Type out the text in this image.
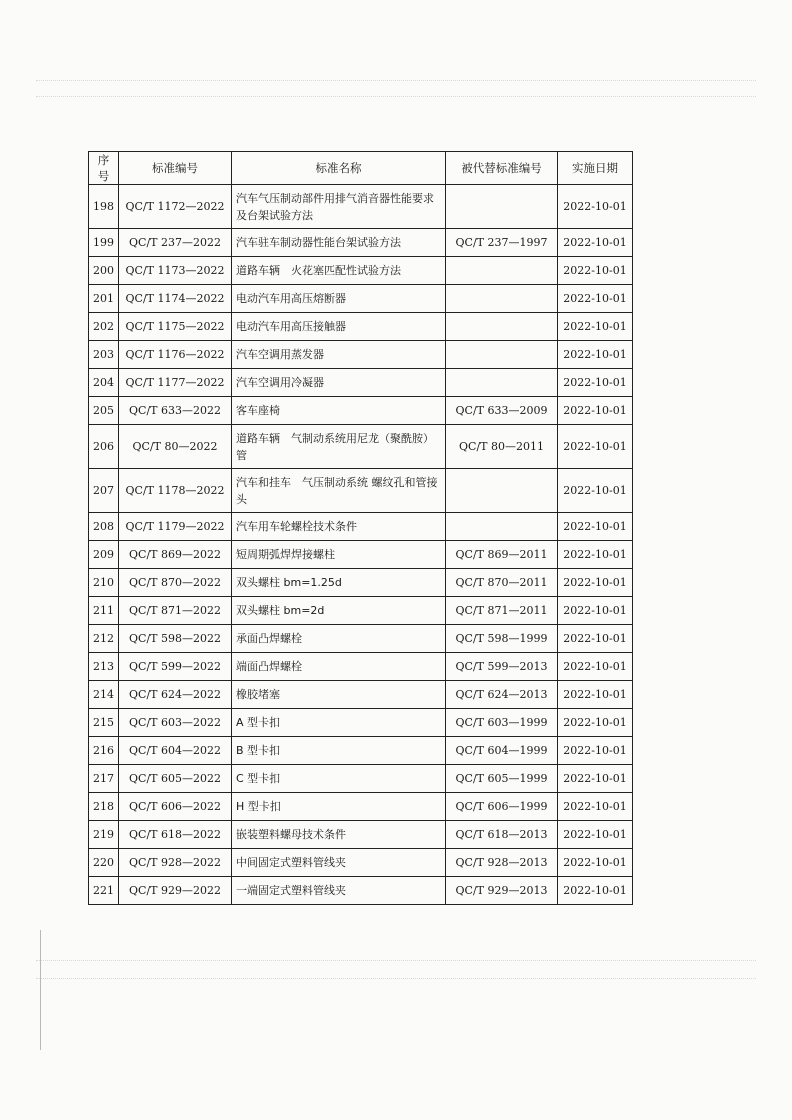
序号	标准编号	标准名称	被代替标准编号	实施日期
198	QC/T 1172—2022	汽车气压制动部件用排气消音器性能要求及台架试验方法		2022-10-01
199	QC/T 237—2022	汽车驻车制动器性能台架试验方法	QC/T 237—1997	2022-10-01
200	QC/T 1173—2022	道路车辆　火花塞匹配性试验方法		2022-10-01
201	QC/T 1174—2022	电动汽车用高压熔断器		2022-10-01
202	QC/T 1175—2022	电动汽车用高压接触器		2022-10-01
203	QC/T 1176—2022	汽车空调用蒸发器		2022-10-01
204	QC/T 1177—2022	汽车空调用冷凝器		2022-10-01
205	QC/T 633—2022	客车座椅	QC/T 633—2009	2022-10-01
206	QC/T 80—2022	道路车辆　气制动系统用尼龙（聚酰胺）管	QC/T 80—2011	2022-10-01
207	QC/T 1178—2022	汽车和挂车　气压制动系统 螺纹孔和管接头		2022-10-01
208	QC/T 1179—2022	汽车用车轮螺栓技术条件		2022-10-01
209	QC/T 869—2022	短周期弧焊焊接螺柱	QC/T 869—2011	2022-10-01
210	QC/T 870—2022	双头螺柱 bm=1.25d	QC/T 870—2011	2022-10-01
211	QC/T 871—2022	双头螺柱 bm=2d	QC/T 871—2011	2022-10-01
212	QC/T 598—2022	承面凸焊螺栓	QC/T 598—1999	2022-10-01
213	QC/T 599—2022	端面凸焊螺栓	QC/T 599—2013	2022-10-01
214	QC/T 624—2022	橡胶堵塞	QC/T 624—2013	2022-10-01
215	QC/T 603—2022	A 型卡扣	QC/T 603—1999	2022-10-01
216	QC/T 604—2022	B 型卡扣	QC/T 604—1999	2022-10-01
217	QC/T 605—2022	C 型卡扣	QC/T 605—1999	2022-10-01
218	QC/T 606—2022	H 型卡扣	QC/T 606—1999	2022-10-01
219	QC/T 618—2022	嵌装塑料螺母技术条件	QC/T 618—2013	2022-10-01
220	QC/T 928—2022	中间固定式塑料管线夹	QC/T 928—2013	2022-10-01
221	QC/T 929—2022	一端固定式塑料管线夹	QC/T 929—2013	2022-10-01
